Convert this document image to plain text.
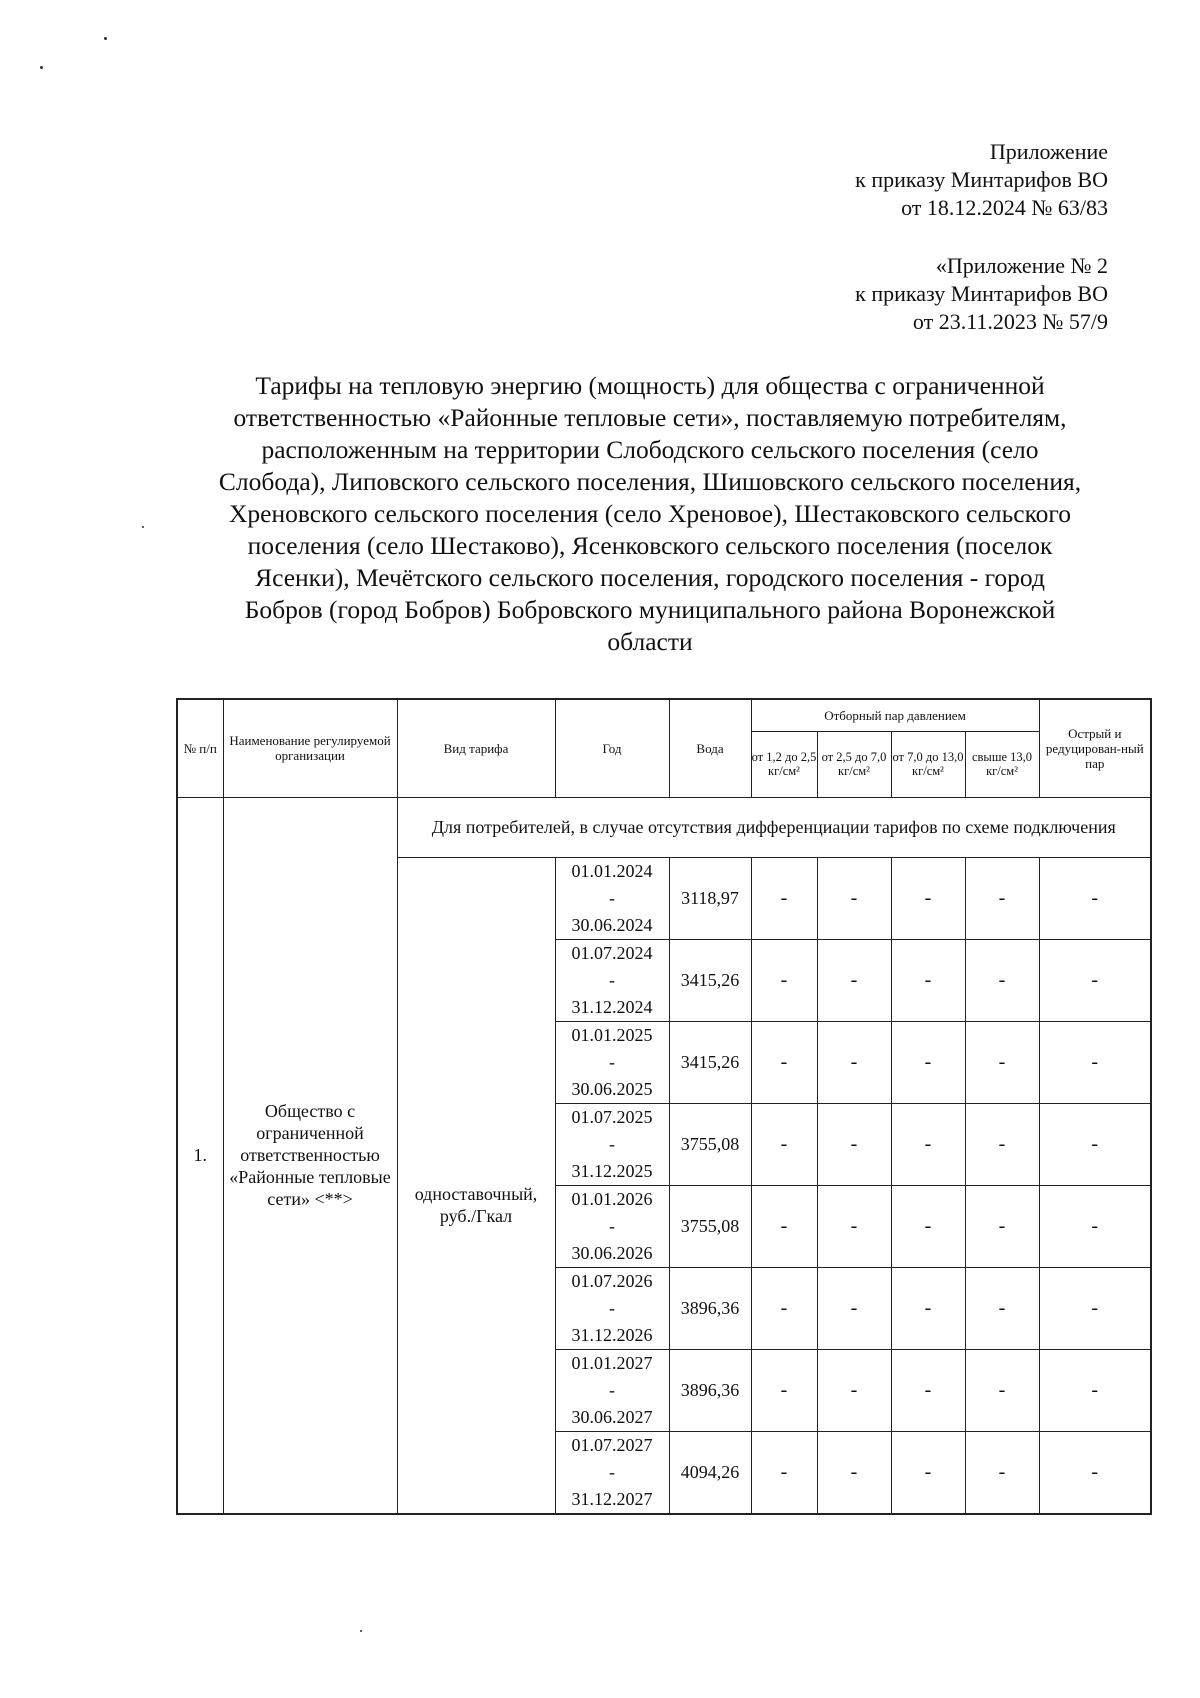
Приложение
к приказу Минтарифов ВО
от 18.12.2024 № 63/83
«Приложение № 2
к приказу Минтарифов ВО
от 23.11.2023 № 57/9
Тарифы на тепловую энергию (мощность) для общества с ограниченной
ответственностью «Районные тепловые сети», поставляемую потребителям,
расположенным на территории Слободского сельского поселения (село
Слобода), Липовского сельского поселения, Шишовского сельского поселения,
Хреновского сельского поселения (село Хреновое), Шестаковского сельского
поселения (село Шестаково), Ясенковского сельского поселения (поселок
Ясенки), Мечётского сельского поселения, городского поселения - город
Бобров (город Бобров) Бобровского муниципального района Воронежской
области
№ п/п	Наименование регулируемой организации	Вид тарифа	Год	Вода	Отборный пар давлением				Острый и редуцирован-ный пар
					от 1,2 до 2,5 кг/см²	от 2,5 до 7,0 кг/см²	от 7,0 до 13,0 кг/см²	свыше 13,0 кг/см²	
1.	Общество с ограниченной ответственностью «Районные тепловые сети» <**>	Для потребителей, в случае отсутствия дифференциации тарифов по схеме подключения							
		одноставочный, руб./Гкал	01.01.2024
-
30.06.2024	3118,97	-	-	-	-	-

			01.07.2024
-
31.12.2024	3415,26	-	-	-	-	-

			01.01.2025
-
30.06.2025	3415,26	-	-	-	-	-

			01.07.2025
-
31.12.2025	3755,08	-	-	-	-	-

			01.01.2026
-
30.06.2026	3755,08	-	-	-	-	-

			01.07.2026
-
31.12.2026	3896,36	-	-	-	-	-

			01.01.2027
-
30.06.2027	3896,36	-	-	-	-	-

			01.07.2027
-
31.12.2027	4094,26	-	-	-	-	-
